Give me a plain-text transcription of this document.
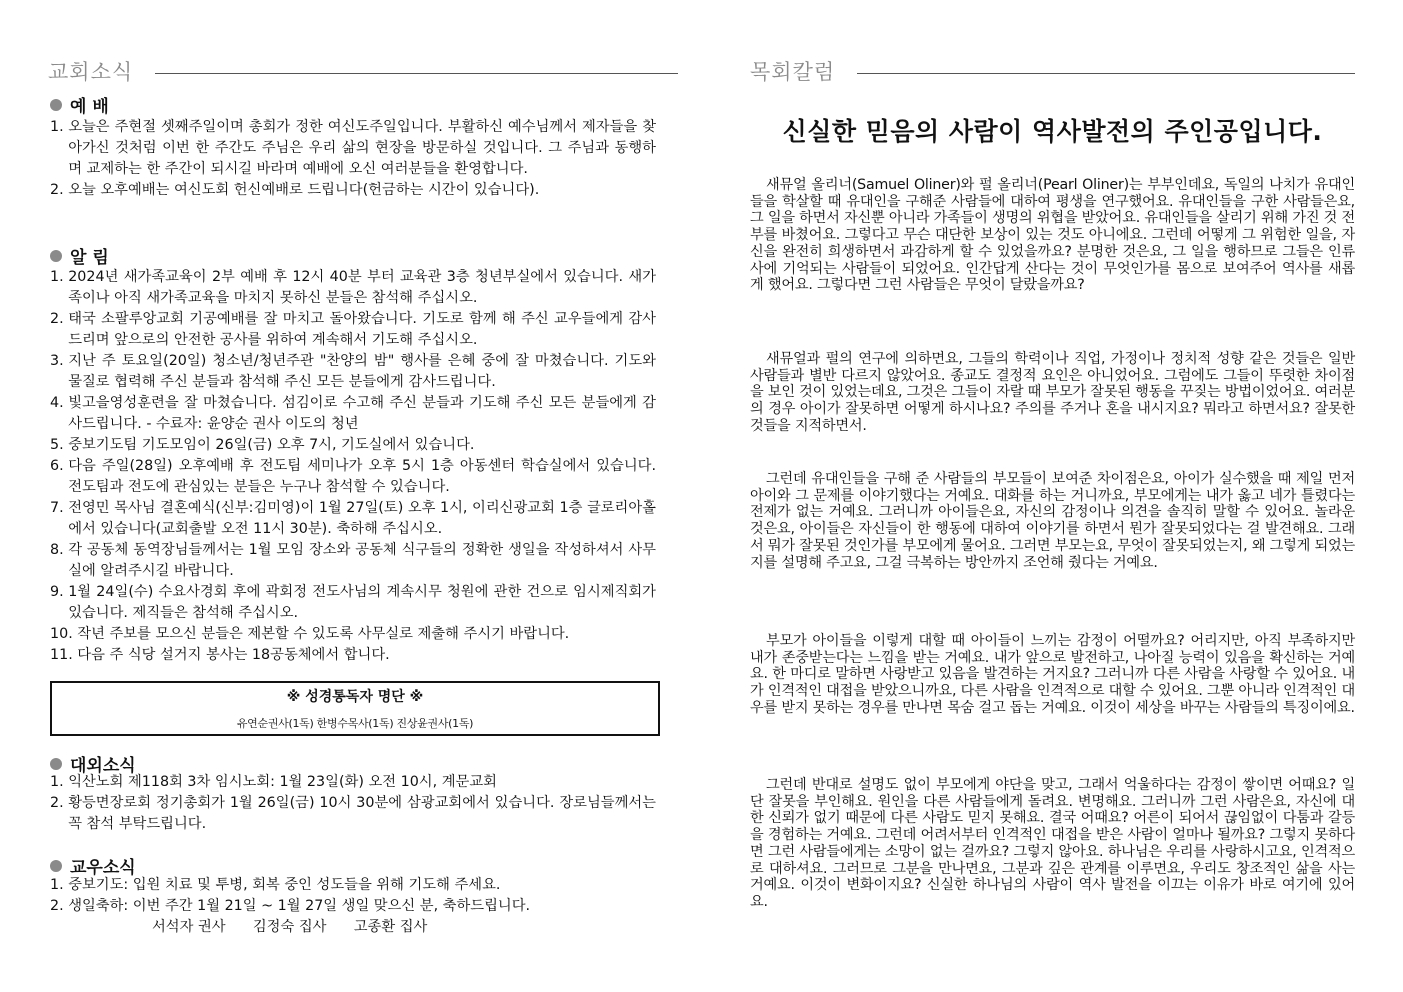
교회소식
예 배
1. 오늘은 주현절 셋째주일이며 총회가 정한 여신도주일입니다. 부활하신 예수님께서 제자들을 찾아가신 것처럼 이번 한 주간도 주님은 우리 삶의 현장을 방문하실 것입니다. 그 주님과 동행하며 교제하는 한 주간이 되시길 바라며 예배에 오신 여러분들을 환영합니다.
2. 오늘 오후예배는 여신도회 헌신예배로 드립니다(헌금하는 시간이 있습니다).
알 림
1. 2024년 새가족교육이 2부 예배 후 12시 40분 부터 교육관 3층 청년부실에서 있습니다. 새가족이나 아직 새가족교육을 마치지 못하신 분들은 참석해 주십시오.
2. 태국 소팔루앙교회 기공예배를 잘 마치고 돌아왔습니다. 기도로 함께 해 주신 교우들에게 감사드리며 앞으로의 안전한 공사를 위하여 계속해서 기도해 주십시오.
3. 지난 주 토요일(20일) 청소년/청년주관 "찬양의 밤" 행사를 은혜 중에 잘 마쳤습니다. 기도와 물질로 협력해 주신 분들과 참석해 주신 모든 분들에게 감사드립니다.
4. 빛고을영성훈련을 잘 마쳤습니다. 섬김이로 수고해 주신 분들과 기도해 주신 모든 분들에게 감사드립니다. - 수료자: 윤양순 권사 이도의 청년
5. 중보기도팀 기도모임이 26일(금) 오후 7시, 기도실에서 있습니다.
6. 다음 주일(28일) 오후예배 후 전도팀 세미나가 오후 5시 1층 아동센터 학습실에서 있습니다. 전도팀과 전도에 관심있는 분들은 누구나 참석할 수 있습니다.
7. 전영민 목사님 결혼예식(신부:김미영)이 1월 27일(토) 오후 1시, 이리신광교회 1층 글로리아홀에서 있습니다(교회출발 오전 11시 30분). 축하해 주십시오.
8. 각 공동체 동역장님들께서는 1월 모임 장소와 공동체 식구들의 정확한 생일을 작성하셔서 사무실에 알려주시길 바랍니다.
9. 1월 24일(수) 수요사경회 후에 곽회정 전도사님의 계속시무 청원에 관한 건으로 임시제직회가 있습니다. 제직들은 참석해 주십시오.
10. 작년 주보를 모으신 분들은 제본할 수 있도록 사무실로 제출해 주시기 바랍니다.
11. 다음 주 식당 설거지 봉사는 18공동체에서 합니다.
※ 성경통독자 명단 ※
유연순권사(1독) 한병수목사(1독) 진상윤권사(1독)
대외소식
1. 익산노회 제118회 3차 임시노회: 1월 23일(화) 오전 10시, 계문교회
2. 황등면장로회 정기총회가 1월 26일(금) 10시 30분에 삼광교회에서 있습니다. 장로님들께서는 꼭 참석 부탁드립니다.
교우소식
1. 중보기도: 입원 치료 및 투병, 회복 중인 성도들을 위해 기도해 주세요.
2. 생일축하: 이번 주간 1월 21일 ~ 1월 27일 생일 맞으신 분, 축하드립니다.
서석자 권사      김정숙 집사      고종환 집사
목회칼럼
신실한 믿음의 사람이 역사발전의 주인공입니다.

새뮤얼 올리너(Samuel Oliner)와 펄 올리너(Pearl Oliner)는 부부인데요, 독일의 나치가 유대인들을 학살할 때 유대인을 구해준 사람들에 대하여 평생을 연구했어요. 유대인들을 구한 사람들은요, 그 일을 하면서 자신뿐 아니라 가족들이 생명의 위협을 받았어요. 유대인들을 살리기 위해 가진 것 전부를 바쳤어요. 그렇다고 무슨 대단한 보상이 있는 것도 아니에요. 그런데 어떻게 그 위험한 일을, 자신을 완전히 희생하면서 과감하게 할 수 있었을까요? 분명한 것은요, 그 일을 행하므로 그들은 인류사에 기억되는 사람들이 되었어요. 인간답게 산다는 것이 무엇인가를 몸으로 보여주어 역사를 새롭게 했어요. 그렇다면 그런 사람들은 무엇이 달랐을까요?

새뮤얼과 펄의 연구에 의하면요, 그들의 학력이나 직업, 가정이나 정치적 성향 같은 것들은 일반 사람들과 별반 다르지 않았어요. 종교도 결정적 요인은 아니었어요. 그럼에도 그들이 뚜렷한 차이점을 보인 것이 있었는데요, 그것은 그들이 자랄 때 부모가 잘못된 행동을 꾸짖는 방법이었어요. 여러분의 경우 아이가 잘못하면 어떻게 하시나요? 주의를 주거나 혼을 내시지요? 뭐라고 하면서요? 잘못한 것들을 지적하면서.

그런데 유대인들을 구해 준 사람들의 부모들이 보여준 차이점은요, 아이가 실수했을 때 제일 먼저 아이와 그 문제를 이야기했다는 거예요. 대화를 하는 거니까요, 부모에게는 내가 옳고 네가 틀렸다는 전제가 없는 거예요. 그러니까 아이들은요, 자신의 감정이나 의견을 솔직히 말할 수 있어요. 놀라운 것은요, 아이들은 자신들이 한 행동에 대하여 이야기를 하면서 뭔가 잘못되었다는 걸 발견해요. 그래서 뭐가 잘못된 것인가를 부모에게 물어요. 그러면 부모는요, 무엇이 잘못되었는지, 왜 그렇게 되었는지를 설명해 주고요, 그걸 극복하는 방안까지 조언해 줬다는 거예요.

부모가 아이들을 이렇게 대할 때 아이들이 느끼는 감정이 어떨까요? 어리지만, 아직 부족하지만 내가 존중받는다는 느낌을 받는 거예요. 내가 앞으로 발전하고, 나아질 능력이 있음을 확신하는 거예요. 한 마디로 말하면 사랑받고 있음을 발견하는 거지요? 그러니까 다른 사람을 사랑할 수 있어요. 내가 인격적인 대접을 받았으니까요, 다른 사람을 인격적으로 대할 수 있어요. 그뿐 아니라 인격적인 대우를 받지 못하는 경우를 만나면 목숨 걸고 돕는 거예요. 이것이 세상을 바꾸는 사람들의 특징이에요.

그런데 반대로 설명도 없이 부모에게 야단을 맞고, 그래서 억울하다는 감정이 쌓이면 어때요? 일단 잘못을 부인해요. 원인을 다른 사람들에게 돌려요. 변명해요. 그러니까 그런 사람은요, 자신에 대한 신뢰가 없기 때문에 다른 사람도 믿지 못해요. 결국 어때요? 어른이 되어서 끊임없이 다툼과 갈등을 경험하는 거예요. 그런데 어려서부터 인격적인 대접을 받은 사람이 얼마나 될까요? 그렇지 못하다면 그런 사람들에게는 소망이 없는 걸까요? 그렇지 않아요. 하나님은 우리를 사랑하시고요, 인격적으로 대하셔요. 그러므로 그분을 만나면요, 그분과 깊은 관계를 이루면요, 우리도 창조적인 삶을 사는 거예요. 이것이 변화이지요? 신실한 하나님의 사람이 역사 발전을 이끄는 이유가 바로 여기에 있어요.
